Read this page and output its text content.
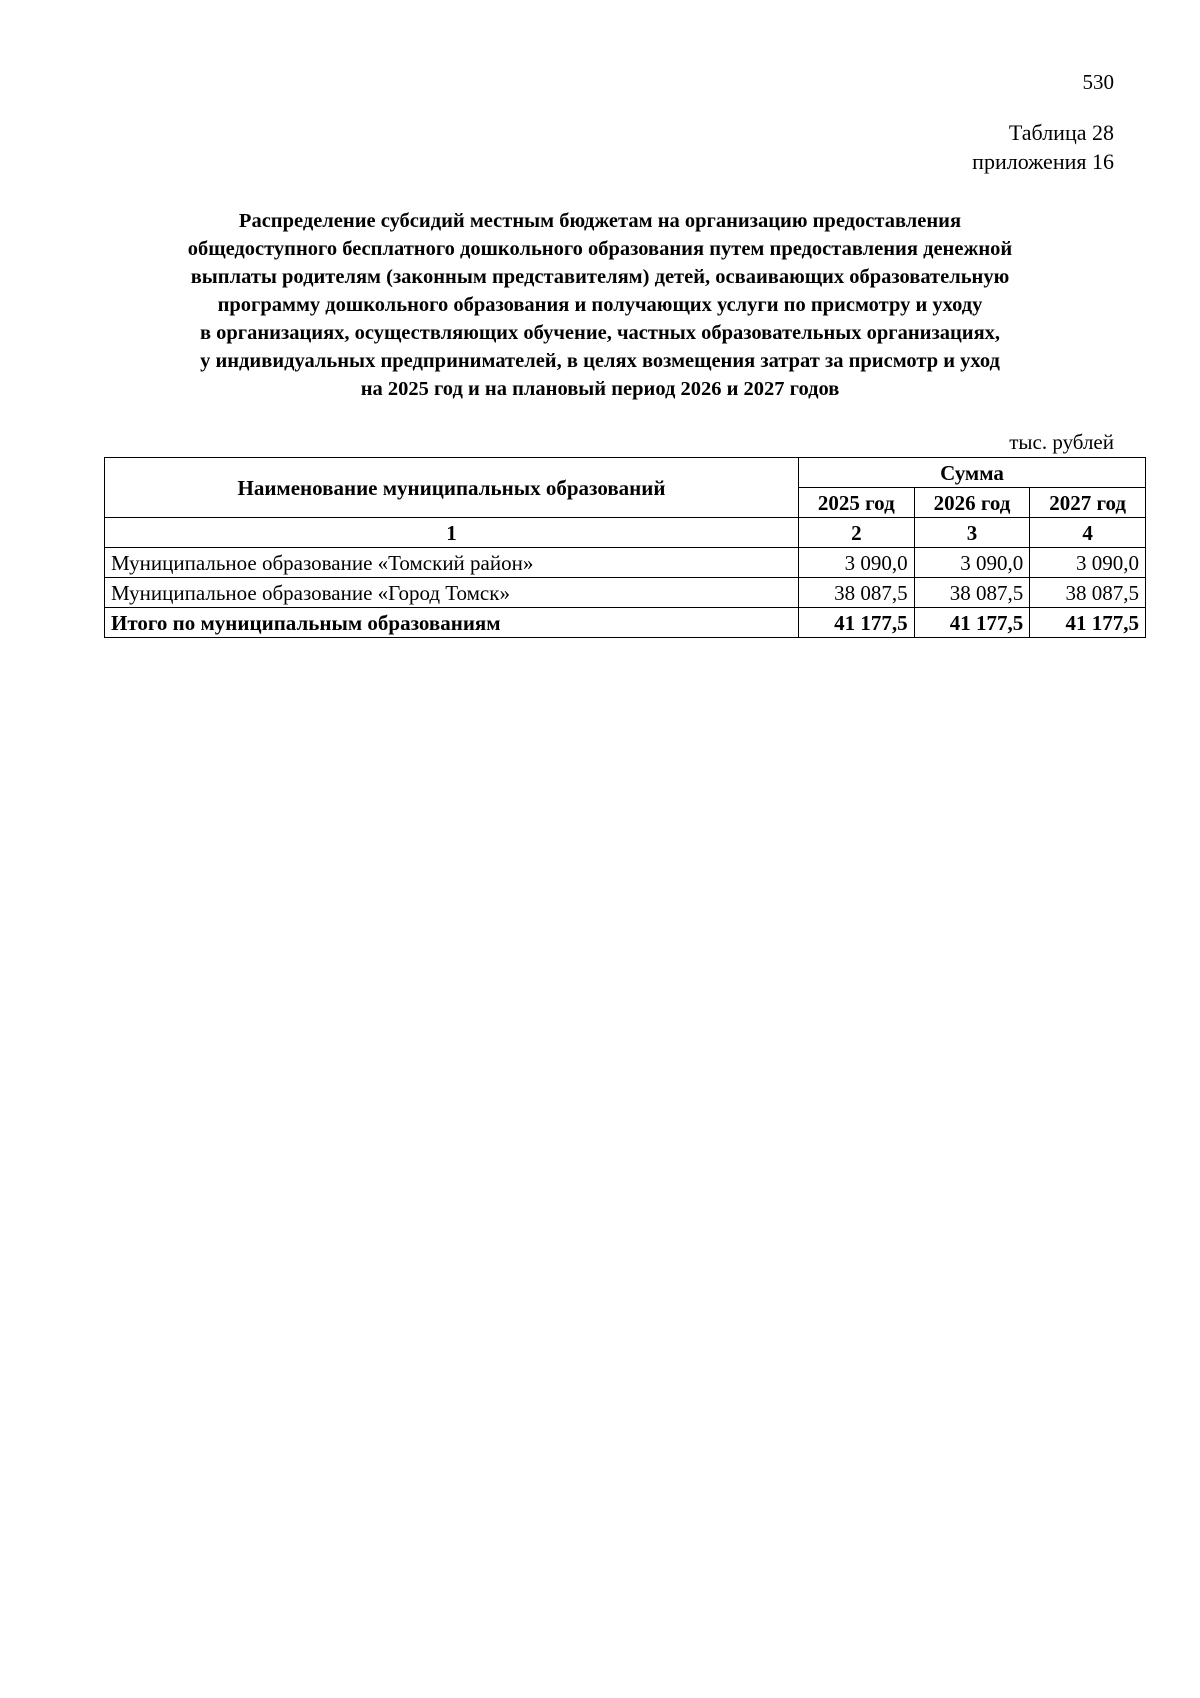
530
Таблица 28
приложения 16
Распределение субсидий местным бюджетам на организацию предоставления
общедоступного бесплатного дошкольного образования путем предоставления денежной
выплаты родителям (законным представителям) детей, осваивающих образовательную
программу дошкольного образования и получающих услуги по присмотру и уходу
в организациях, осуществляющих обучение, частных образовательных организациях,
у индивидуальных предпринимателей, в целях возмещения затрат за присмотр и уход
на 2025 год и на плановый период 2026 и 2027 годов
тыс. рублей
Наименование муниципальных образований	Сумма		
	2025 год	2026 год	2027 год
1	2	3	4
Муниципальное образование «Томский район»	3 090,0	3 090,0	3 090,0
Муниципальное образование «Город Томск»	38 087,5	38 087,5	38 087,5
Итого по муниципальным образованиям	41 177,5	41 177,5	41 177,5
